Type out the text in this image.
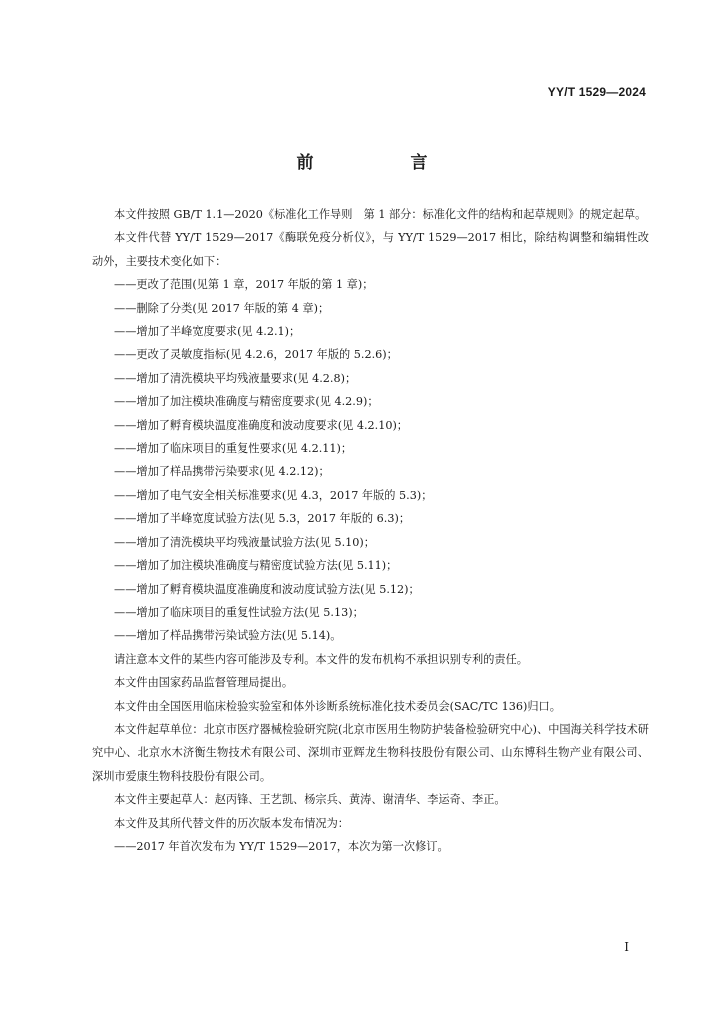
YY/T 1529—2024
前　言

本文件按照 GB/T 1.1—2020《标准化工作导则　第 1 部分：标准化文件的结构和起草规则》的规定起草。

本文件代替 YY/T 1529—2017《酶联免疫分析仪》，与 YY/T 1529—2017 相比，除结构调整和编辑性改动外，主要技术变化如下：

——更改了范围(见第 1 章，2017 年版的第 1 章)；
——删除了分类(见 2017 年版的第 4 章)；
——增加了半峰宽度要求(见 4.2.1)；
——更改了灵敏度指标(见 4.2.6，2017 年版的 5.2.6)；
——增加了清洗模块平均残液量要求(见 4.2.8)；
——增加了加注模块准确度与精密度要求(见 4.2.9)；
——增加了孵育模块温度准确度和波动度要求(见 4.2.10)；
——增加了临床项目的重复性要求(见 4.2.11)；
——增加了样品携带污染要求(见 4.2.12)；
——增加了电气安全相关标准要求(见 4.3，2017 年版的 5.3)；
——增加了半峰宽度试验方法(见 5.3，2017 年版的 6.3)；
——增加了清洗模块平均残液量试验方法(见 5.10)；
——增加了加注模块准确度与精密度试验方法(见 5.11)；
——增加了孵育模块温度准确度和波动度试验方法(见 5.12)；
——增加了临床项目的重复性试验方法(见 5.13)；
——增加了样品携带污染试验方法(见 5.14)。

请注意本文件的某些内容可能涉及专利。本文件的发布机构不承担识别专利的责任。

本文件由国家药品监督管理局提出。

本文件由全国医用临床检验实验室和体外诊断系统标准化技术委员会(SAC/TC 136)归口。

本文件起草单位：北京市医疗器械检验研究院(北京市医用生物防护装备检验研究中心)、中国海关科学技术研究中心、北京水木济衡生物技术有限公司、深圳市亚辉龙生物科技股份有限公司、山东博科生物产业有限公司、深圳市爱康生物科技股份有限公司。

本文件主要起草人：赵丙锋、王艺凯、杨宗兵、黄涛、谢清华、李运奇、李正。

本文件及其所代替文件的历次版本发布情况为：

——2017 年首次发布为 YY/T 1529—2017，本次为第一次修订。
I
